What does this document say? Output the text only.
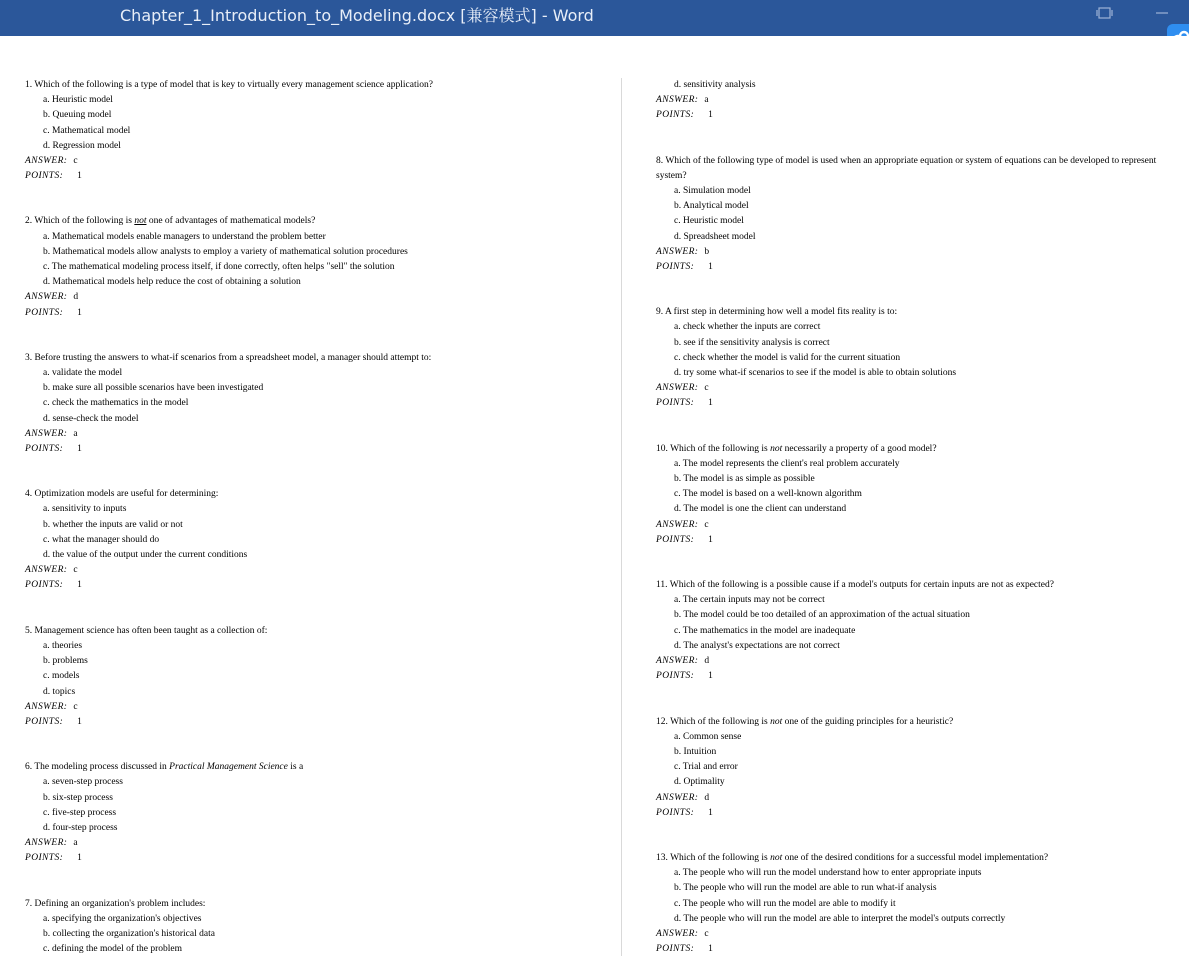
Chapter_1_Introduction_to_Modeling.docx [兼容模式] - Word
1. Which of the following is a type of model that is key to virtually every management science application?
a. Heuristic model
b. Queuing model
c. Mathematical model
d. Regression model
ANSWER: c
POINTS: 1
2. Which of the following is not one of advantages of mathematical models?
a. Mathematical models enable managers to understand the problem better
b. Mathematical models allow analysts to employ a variety of mathematical solution procedures
c. The mathematical modeling process itself, if done correctly, often helps "sell" the solution
d. Mathematical models help reduce the cost of obtaining a solution
ANSWER: d
POINTS: 1
3. Before trusting the answers to what-if scenarios from a spreadsheet model, a manager should attempt to:
a. validate the model
b. make sure all possible scenarios have been investigated
c. check the mathematics in the model
d. sense-check the model
ANSWER: a
POINTS: 1
4. Optimization models are useful for determining:
a. sensitivity to inputs
b. whether the inputs are valid or not
c. what the manager should do
d. the value of the output under the current conditions
ANSWER: c
POINTS: 1
5. Management science has often been taught as a collection of:
a. theories
b. problems
c. models
d. topics
ANSWER: c
POINTS: 1
6. The modeling process discussed in Practical Management Science is a
a. seven-step process
b. six-step process
c. five-step process
d. four-step process
ANSWER: a
POINTS: 1
7. Defining an organization's problem includes:
a. specifying the organization's objectives
b. collecting the organization's historical data
c. defining the model of the problem
d. sensitivity analysis
ANSWER: a
POINTS: 1
8. Which of the following type of model is used when an appropriate equation or system of equations can be developed to represent
system?
a. Simulation model
b. Analytical model
c. Heuristic model
d. Spreadsheet model
ANSWER: b
POINTS: 1
9. A first step in determining how well a model fits reality is to:
a. check whether the inputs are correct
b. see if the sensitivity analysis is correct
c. check whether the model is valid for the current situation
d. try some what-if scenarios to see if the model is able to obtain solutions
ANSWER: c
POINTS: 1
10. Which of the following is not necessarily a property of a good model?
a. The model represents the client's real problem accurately
b. The model is as simple as possible
c. The model is based on a well-known algorithm
d. The model is one the client can understand
ANSWER: c
POINTS: 1
11. Which of the following is a possible cause if a model's outputs for certain inputs are not as expected?
a. The certain inputs may not be correct
b. The model could be too detailed of an approximation of the actual situation
c. The mathematics in the model are inadequate
d. The analyst's expectations are not correct
ANSWER: d
POINTS: 1
12. Which of the following is not one of the guiding principles for a heuristic?
a. Common sense
b. Intuition
c. Trial and error
d. Optimality
ANSWER: d
POINTS: 1
13. Which of the following is not one of the desired conditions for a successful model implementation?
a. The people who will run the model understand how to enter appropriate inputs
b. The people who will run the model are able to run what-if analysis
c. The people who will run the model are able to modify it
d. The people who will run the model are able to interpret the model's outputs correctly
ANSWER: c
POINTS: 1
